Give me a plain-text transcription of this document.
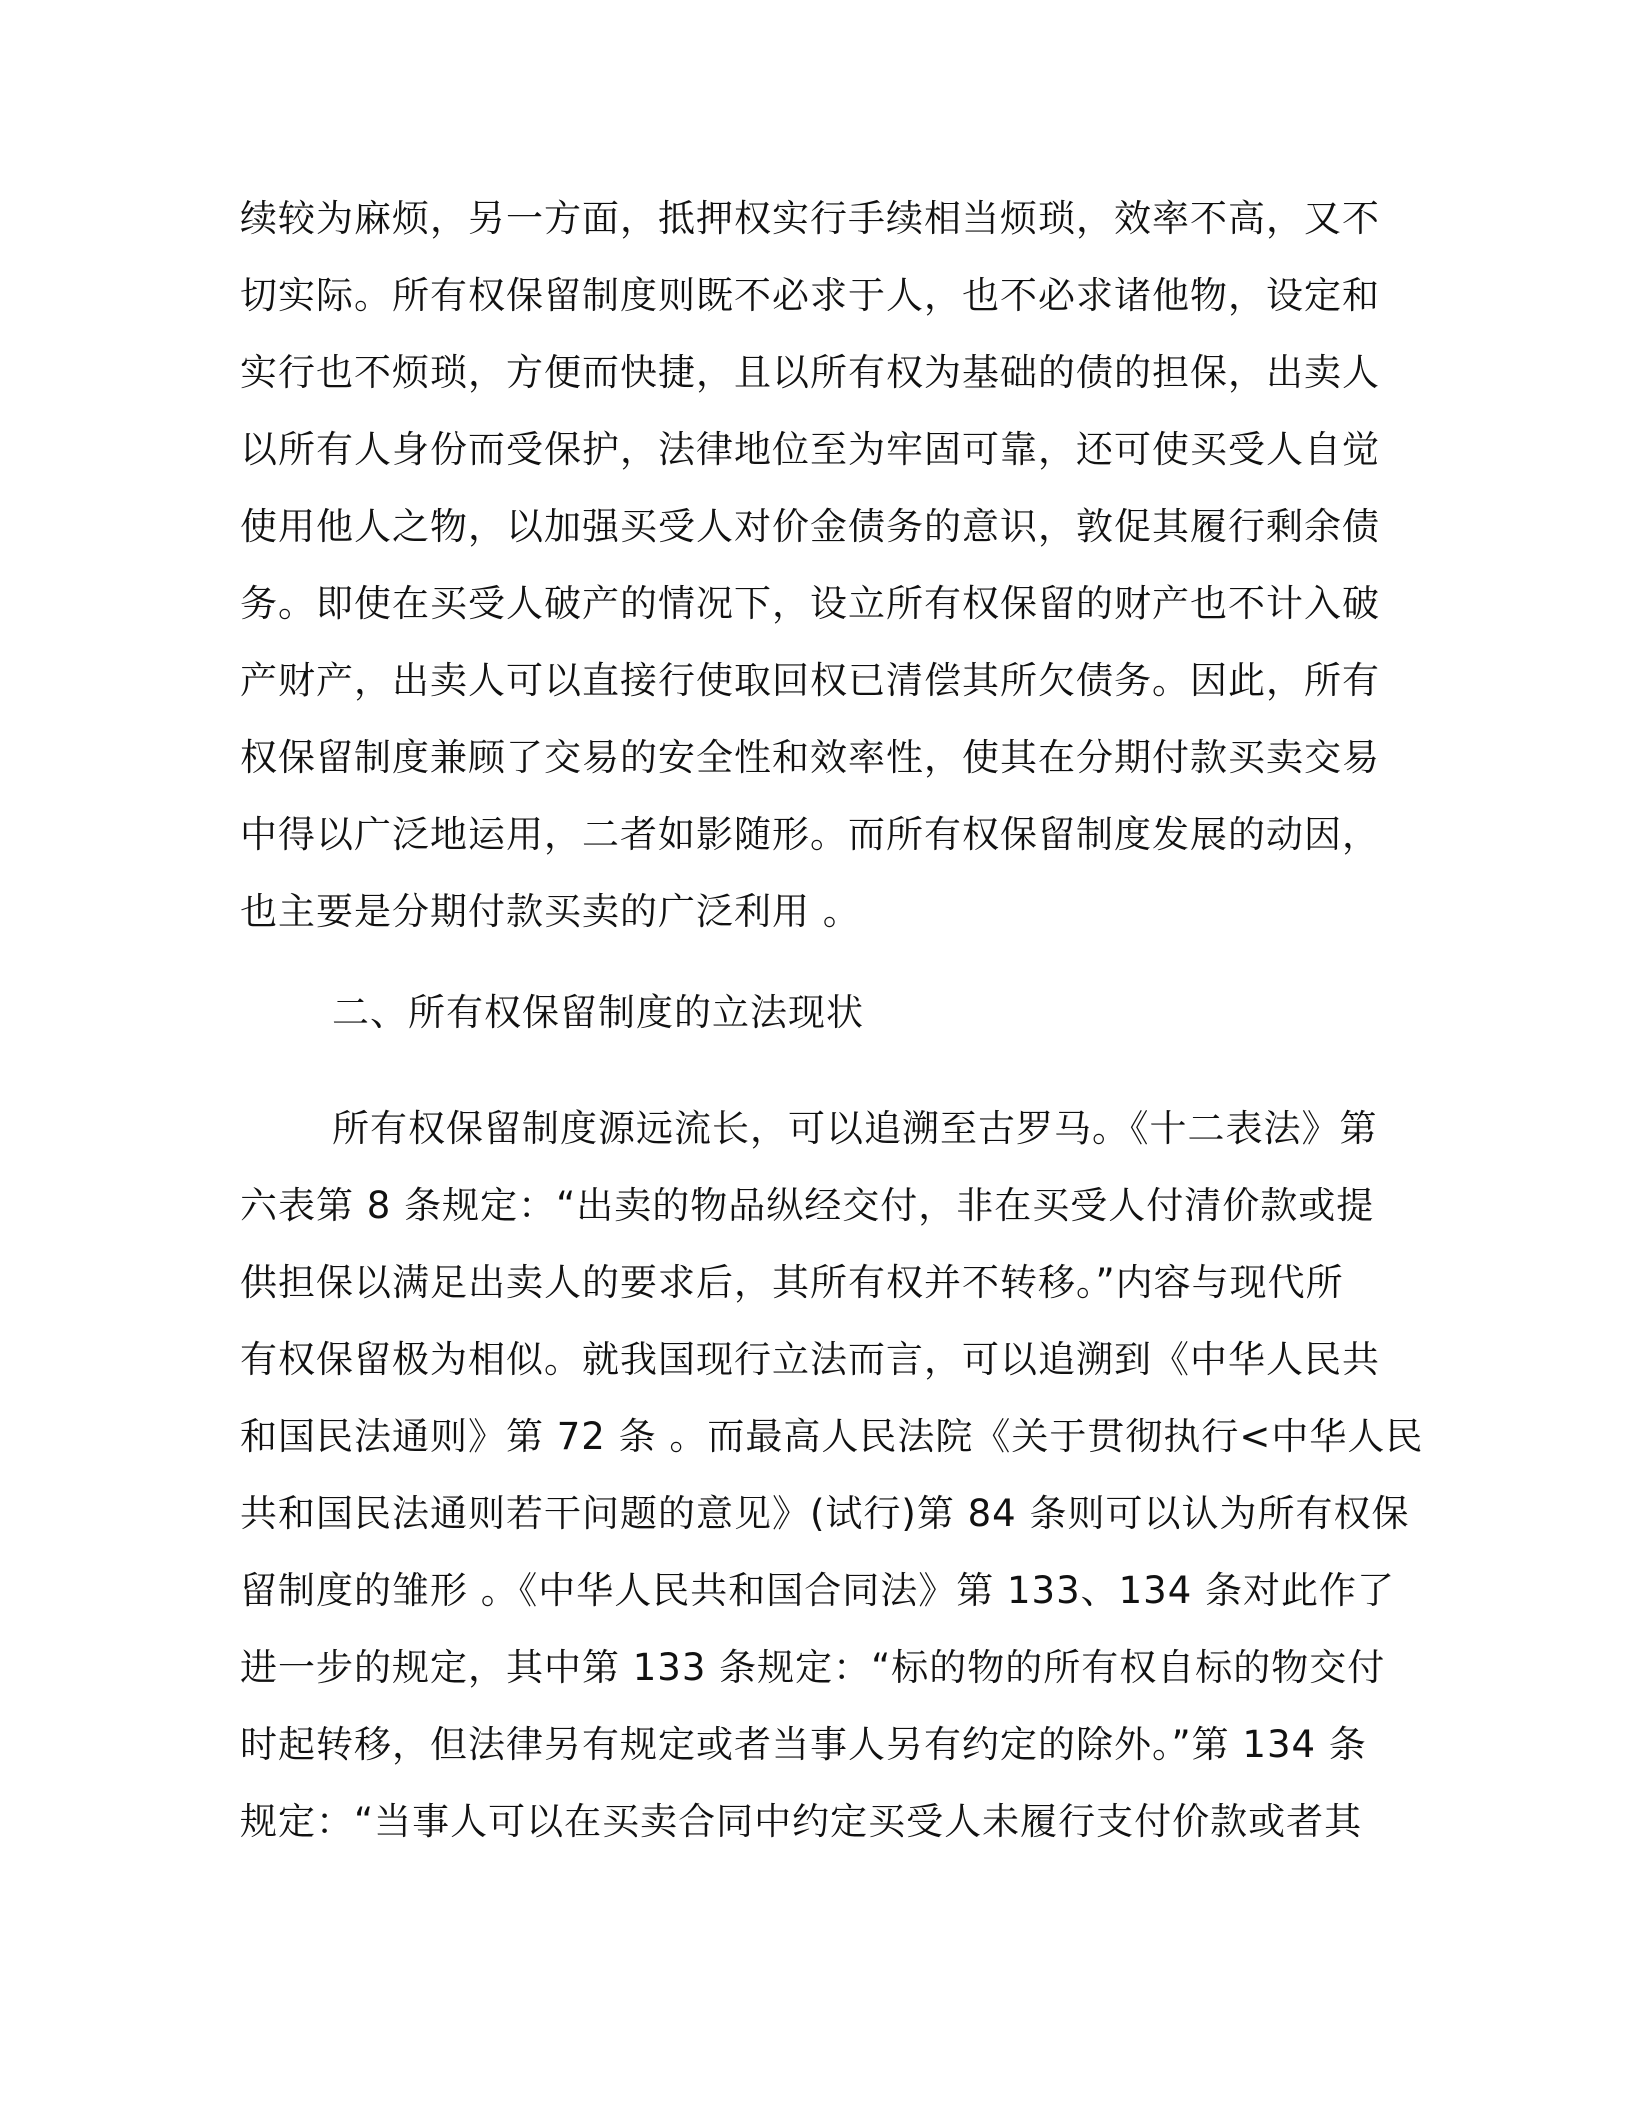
续较为麻烦，另一方面，抵押权实行手续相当烦琐，效率不高，又不
切实际。所有权保留制度则既不必求于人，也不必求诸他物，设定和
实行也不烦琐，方便而快捷，且以所有权为基础的债的担保，出卖人
以所有人身份而受保护，法律地位至为牢固可靠，还可使买受人自觉
使用他人之物，以加强买受人对价金债务的意识，敦促其履行剩余债
务。即使在买受人破产的情况下，设立所有权保留的财产也不计入破
产财产，出卖人可以直接行使取回权已清偿其所欠债务。因此，所有
权保留制度兼顾了交易的安全性和效率性，使其在分期付款买卖交易
中得以广泛地运用，二者如影随形。而所有权保留制度发展的动因，
也主要是分期付款买卖的广泛利用 。
二、所有权保留制度的立法现状
所有权保留制度源远流长，可以追溯至古罗马。《十二表法》第
六表第 8 条规定：“出卖的物品纵经交付，非在买受人付清价款或提
供担保以满足出卖人的要求后，其所有权并不转移。”内容与现代所
有权保留极为相似。就我国现行立法而言，可以追溯到《中华人民共
和国民法通则》第 72 条 。而最高人民法院《关于贯彻执行<中华人民
共和国民法通则若干问题的意见》(试行)第 84 条则可以认为所有权保
留制度的雏形 。《中华人民共和国合同法》第 133、134 条对此作了
进一步的规定，其中第 133 条规定：“标的物的所有权自标的物交付
时起转移，但法律另有规定或者当事人另有约定的除外。”第 134 条
规定：“当事人可以在买卖合同中约定买受人未履行支付价款或者其
